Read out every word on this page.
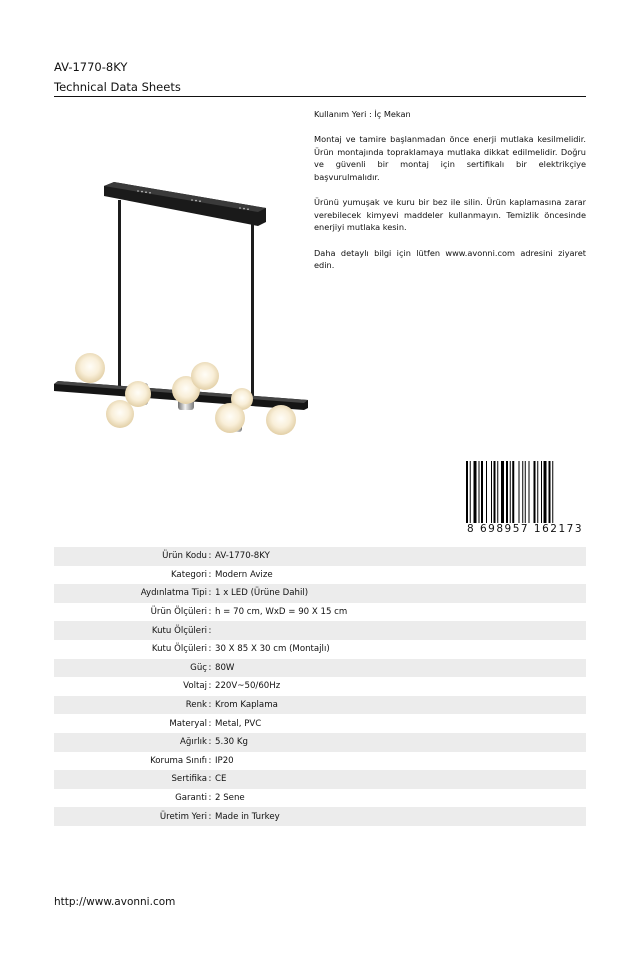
AV-1770-8KY
Technical Data Sheets

Kullanım Yeri : İç Mekan

Montaj ve tamire başlanmadan önce enerji mutlaka kesilmelidir. Ürün montajında topraklamaya mutlaka dikkat edilmelidir. Doğru ve güvenli bir montaj için sertifikalı bir elektrikçiye başvurulmalıdır.

Ürünü yumuşak ve kuru bir bez ile silin. Ürün kaplamasına zarar verebilecek kimyevi maddeler kullanmayın. Temizlik öncesinde enerjiyi mutlaka kesin.

Daha detaylı bilgi için lütfen www.avonni.com adresini ziyaret edin.

8 698957 162173
Ürün Kodu : AV-1770-8KY
Kategori : Modern Avize
Aydınlatma Tipi : 1 x LED (Ürüne Dahil)
Ürün Ölçüleri : h = 70 cm, WxD = 90 X 15 cm
Kutu Ölçüleri :
Kutu Ölçüleri : 30 X 85 X 30 cm (Montajlı)
Güç : 80W
Voltaj : 220V~50/60Hz
Renk : Krom Kaplama
Materyal : Metal, PVC
Ağırlık : 5.30 Kg
Koruma Sınıfı : IP20
Sertifika : CE
Garanti : 2 Sene
Üretim Yeri : Made in Turkey
http://www.avonni.com
